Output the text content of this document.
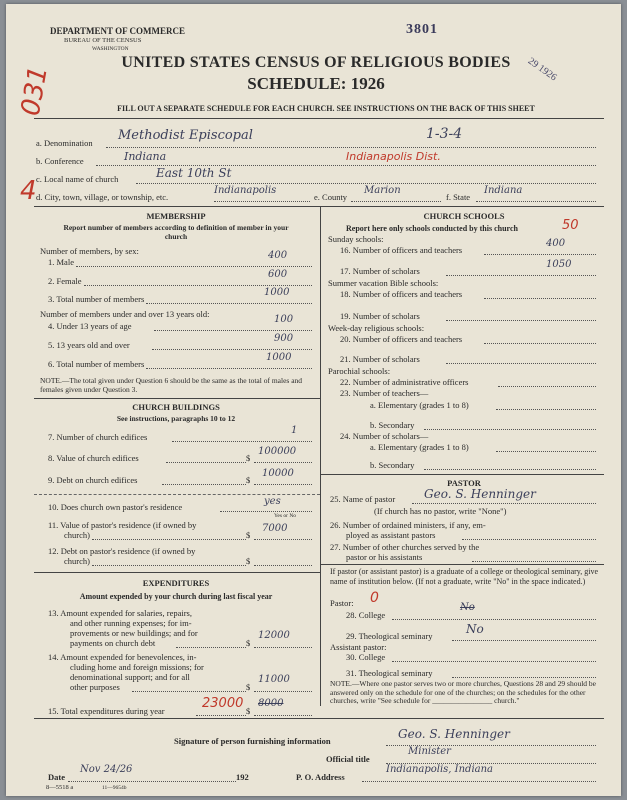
DEPARTMENT OF COMMERCE
BUREAU OF THE CENSUS
WASHINGTON
UNITED STATES CENSUS OF RELIGIOUS BODIES
SCHEDULE: 1926
3801
29 1926
031	FILL OUT A SEPARATE SCHEDULE FOR EACH CHURCH. SEE INSTRUCTIONS ON THE BACK OF THIS SHEET
a. Denomination Methodist Episcopal	1-3-4
b. Conference	Indiana	Indianapolis Dist.
c. Local name of church	East 10th St
d. City, town, village, or township, etc.
Indianapolis
e. County
Marion
f. State
Indiana
4
MEMBERSHIP
Report number of members according to definition of member in your church
Number of members, by sex:
1. Male
400
2. Female
600
3. Total number of members
1000
Number of members under and over 13 years old:
4. Under 13 years of age
100
5. 13 years old and over
900
6. Total number of members
1000
NOTE.—The total given under Question 6 should be the same as the total of males and females given under Question 3.
CHURCH BUILDINGS
See instructions, paragraphs 10 to 12
7. Number of church edifices
1
8. Value of church edifices	$
100000
9. Debt on church edifices	$
10000
10. Does church own pastor's residence	yes
Yes or No
11. Value of pastor's residence (if owned by
church)	$
7000
12. Debt on pastor's residence (if owned by
church)	$
EXPENDITURES
Amount expended by your church during last fiscal year
13. Amount expended for salaries, repairs,
and other running expenses; for im-
provements or new buildings; and for
payments on church debt	$
12000
14. Amount expended for benevolences, in-
cluding home and foreign missions; for
denominational support; and for all
other purposes	$
11000
15. Total expenditures during year	$
23000 8000
CHURCH SCHOOLS
Report here only schools conducted by this church	50
Sunday schools:
16. Number of officers and teachers
400
17. Number of scholars
1050
Summer vacation Bible schools:
18. Number of officers and teachers
19. Number of scholars
Week-day religious schools:
20. Number of officers and teachers
21. Number of scholars
Parochial schools:
22. Number of administrative officers
23. Number of teachers—
a. Elementary (grades 1 to 8)
b. Secondary
24. Number of scholars—
a. Elementary (grades 1 to 8)
b. Secondary
PASTOR
25. Name of pastor Geo. S. Henninger
(If church has no pastor, write "None")
26. Number of ordained ministers, if any, em-
ployed as assistant pastors
27. Number of other churches served by the
pastor or his assistants
If pastor (or assistant pastor) is a graduate of a college or theological seminary, give name of institution below. (If not a graduate, write "No" in the space indicated.)
Pastor: 0
28. College
No
29. Theological seminary	No
Assistant pastor:
30. College
31. Theological seminary
NOTE.—Where one pastor serves two or more churches, Questions 28 and 29 should be answered only on the schedule for one of the churches; on the schedules for the other churches, write "See schedule for ________________ church."
Signature of person furnishing information	Geo. S. Henninger
Official title
Minister
Date
Nov 24/26
192	P. O. Address
Indianapolis, Indiana
8—5518 a	11—9654b
